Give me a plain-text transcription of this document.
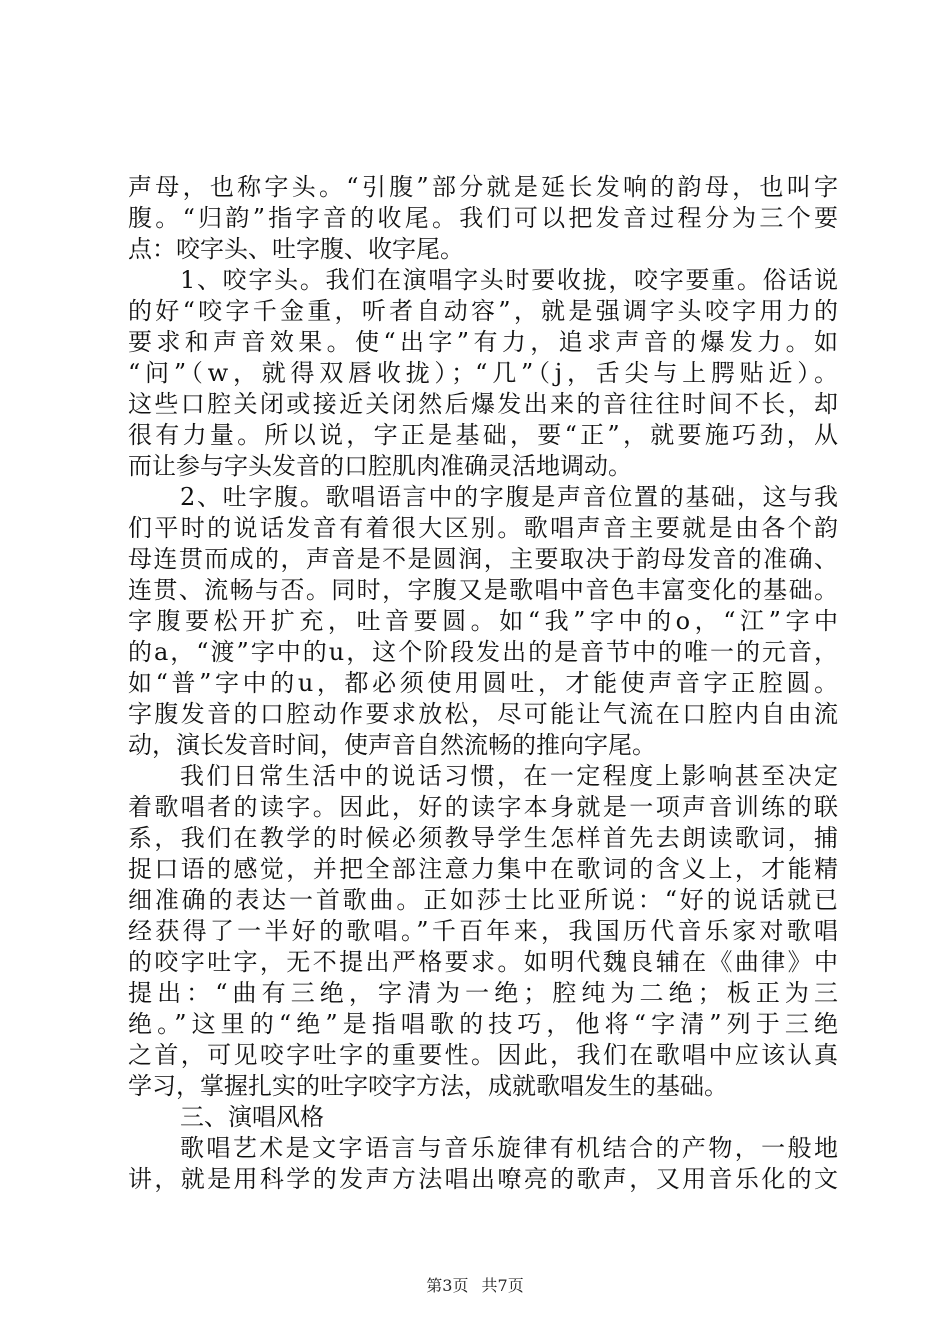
声母，也称字头。“引腹”部分就是延长发响的韵母，也叫字
腹。“归韵”指字音的收尾。我们可以把发音过程分为三个要
点：咬字头、吐字腹、收字尾。
1、咬字头。我们在演唱字头时要收拢，咬字要重。俗话说
的好“咬字千金重，听者自动容”，就是强调字头咬字用力的
要求和声音效果。使“出字”有力，追求声音的爆发力。如
“问”（w，就得双唇收拢）；“几”（j，舌尖与上腭贴近）。
这些口腔关闭或接近关闭然后爆发出来的音往往时间不长，却
很有力量。所以说，字正是基础，要“正”，就要施巧劲，从
而让参与字头发音的口腔肌肉准确灵活地调动。
2、吐字腹。歌唱语言中的字腹是声音位置的基础，这与我
们平时的说话发音有着很大区别。歌唱声音主要就是由各个韵
母连贯而成的，声音是不是圆润，主要取决于韵母发音的准确、
连贯、流畅与否。同时，字腹又是歌唱中音色丰富变化的基础。
字腹要松开扩充，吐音要圆。如“我”字中的o，“江”字中
的a，“渡”字中的u，这个阶段发出的是音节中的唯一的元音，
如“普”字中的u，都必须使用圆吐，才能使声音字正腔圆。
字腹发音的口腔动作要求放松，尽可能让气流在口腔内自由流
动，演长发音时间，使声音自然流畅的推向字尾。
我们日常生活中的说话习惯，在一定程度上影响甚至决定
着歌唱者的读字。因此，好的读字本身就是一项声音训练的联
系，我们在教学的时候必须教导学生怎样首先去朗读歌词，捕
捉口语的感觉，并把全部注意力集中在歌词的含义上，才能精
细准确的表达一首歌曲。正如莎士比亚所说：“好的说话就已
经获得了一半好的歌唱。”千百年来，我国历代音乐家对歌唱
的咬字吐字，无不提出严格要求。如明代魏良辅在《曲律》中
提出：“曲有三绝，字清为一绝；腔纯为二绝；板正为三
绝。”这里的“绝”是指唱歌的技巧，他将“字清”列于三绝
之首，可见咬字吐字的重要性。因此，我们在歌唱中应该认真
学习，掌握扎实的吐字咬字方法，成就歌唱发生的基础。
三、演唱风格
歌唱艺术是文字语言与音乐旋律有机结合的产物，一般地
讲，就是用科学的发声方法唱出嘹亮的歌声，又用音乐化的文
第3页 共7页
